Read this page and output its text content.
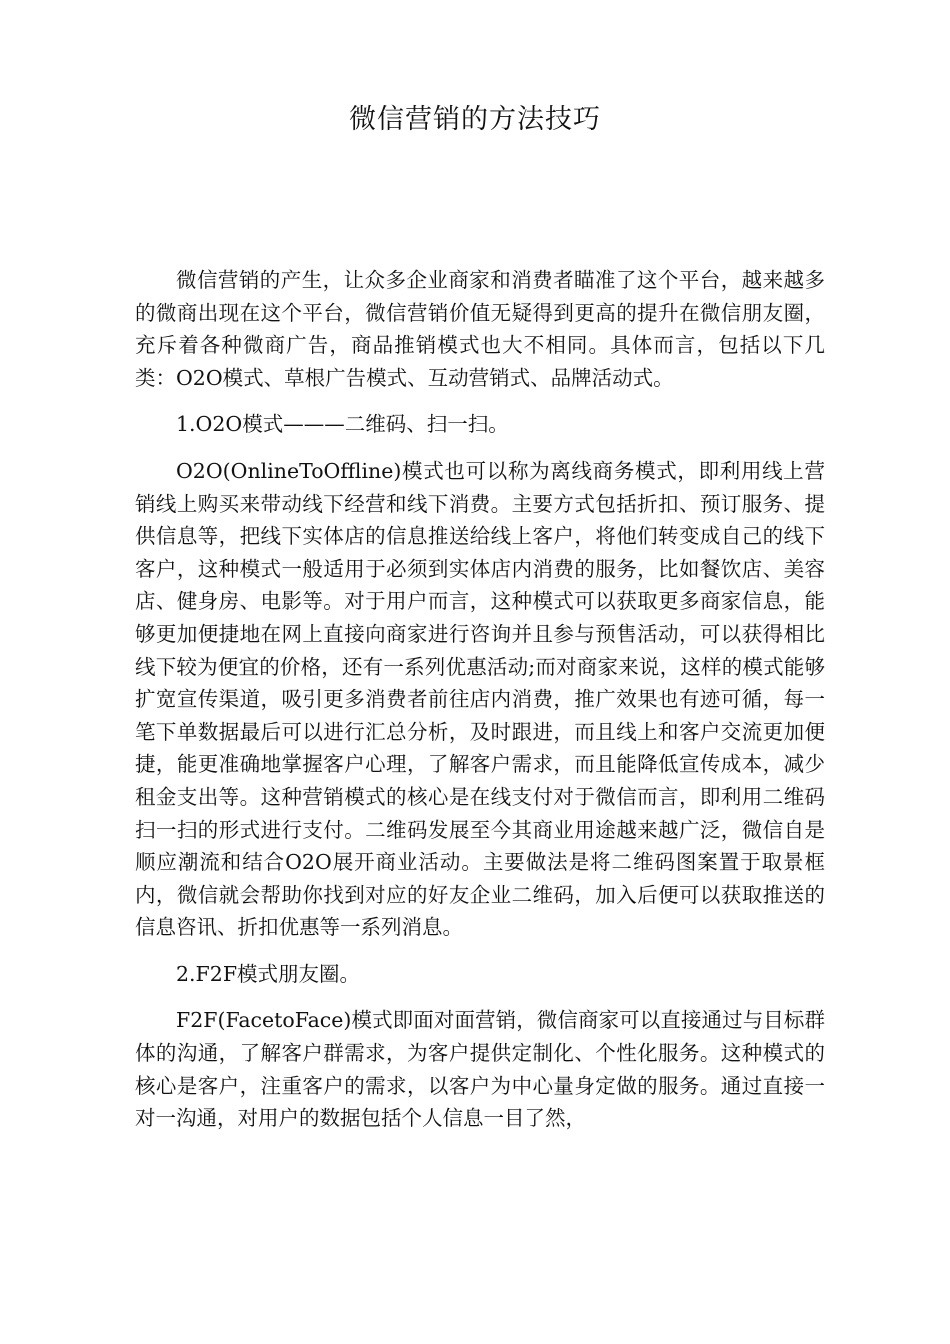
微信营销的方法技巧

微信营销的产生，让众多企业商家和消费者瞄准了这个平台，越来越多的微商出现在这个平台，微信营销价值无疑得到更高的提升在微信朋友圈，充斥着各种微商广告，商品推销模式也大不相同。具体而言，包括以下几类：O2O模式、草根广告模式、互动营销式、品牌活动式。

1.O2O模式———二维码、扫一扫。

O2O(OnlineToOffline)模式也可以称为离线商务模式，即利用线上营销线上购买来带动线下经营和线下消费。主要方式包括折扣、预订服务、提供信息等，把线下实体店的信息推送给线上客户，将他们转变成自己的线下客户，这种模式一般适用于必须到实体店内消费的服务，比如餐饮店、美容店、健身房、电影等。对于用户而言，这种模式可以获取更多商家信息，能够更加便捷地在网上直接向商家进行咨询并且参与预售活动，可以获得相比线下较为便宜的价格，还有一系列优惠活动;而对商家来说，这样的模式能够扩宽宣传渠道，吸引更多消费者前往店内消费，推广效果也有迹可循，每一笔下单数据最后可以进行汇总分析，及时跟进，而且线上和客户交流更加便捷，能更准确地掌握客户心理，了解客户需求，而且能降低宣传成本，减少租金支出等。这种营销模式的核心是在线支付对于微信而言，即利用二维码扫一扫的形式进行支付。二维码发展至今其商业用途越来越广泛，微信自是顺应潮流和结合O2O展开商业活动。主要做法是将二维码图案置于取景框内，微信就会帮助你找到对应的好友企业二维码，加入后便可以获取推送的信息咨讯、折扣优惠等一系列消息。

2.F2F模式朋友圈。

F2F(FacetoFace)模式即面对面营销，微信商家可以直接通过与目标群体的沟通，了解客户群需求，为客户提供定制化、个性化服务。这种模式的核心是客户，注重客户的需求，以客户为中心量身定做的服务。通过直接一对一沟通，对用户的数据包括个人信息一目了然，
